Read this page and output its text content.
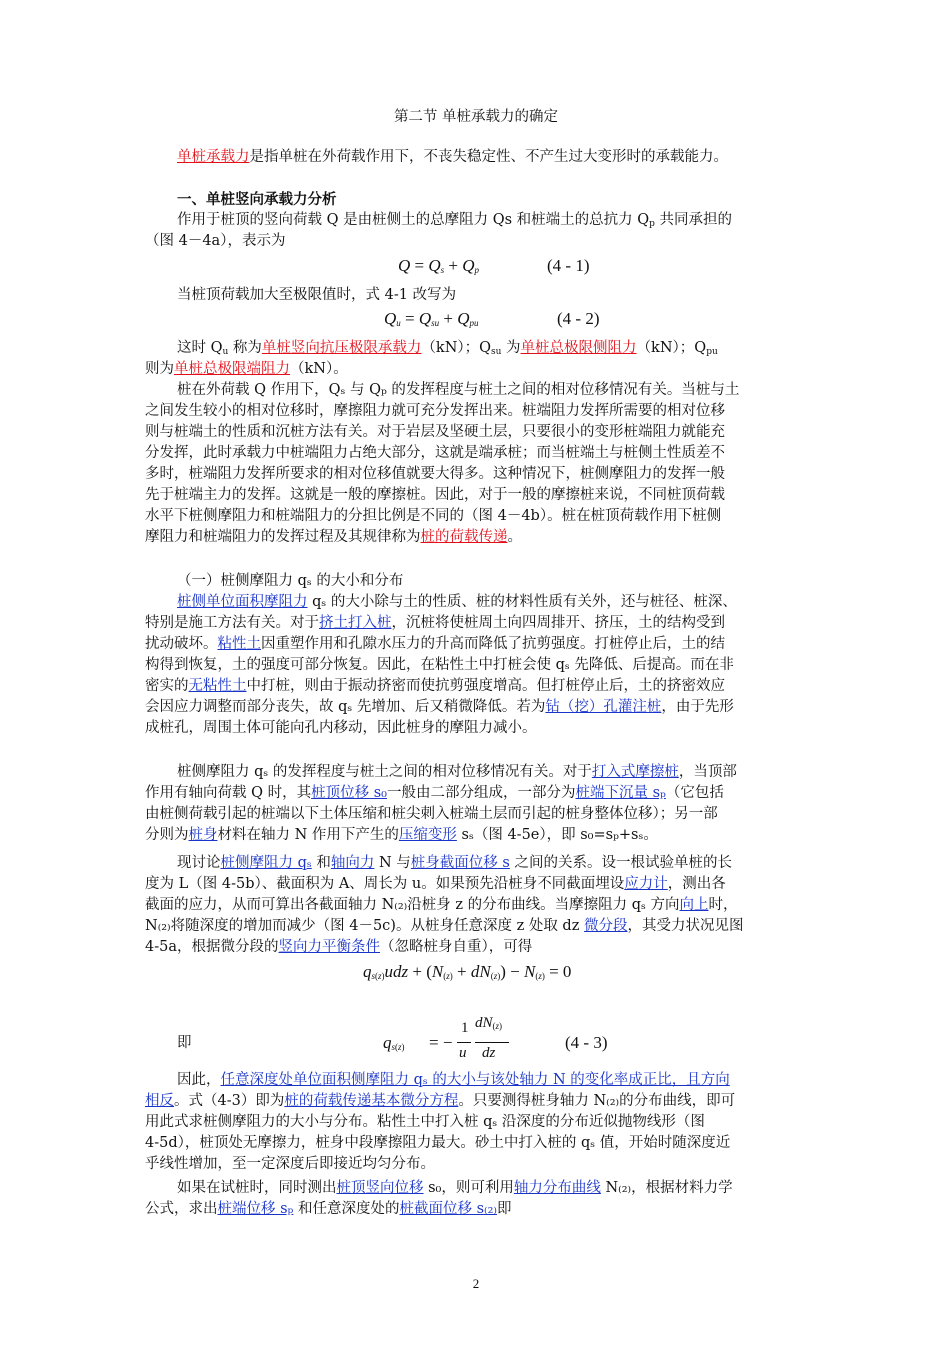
第二节 单桩承载力的确定
单桩承载力是指单桩在外荷载作用下，不丧失稳定性、不产生过大变形时的承载能力。
一、单桩竖向承载力分析
作用于桩顶的竖向荷载 Q 是由桩侧土的总摩阻力 Qs 和桩端土的总抗力 $Q_p$ 共同承担的
（图 4－4a），表示为
$Q = Q_s + Q_p$	(4 - 1)
当桩顶荷载加大至极限值时，式 4-1 改写为
$Q_u = Q_{su} + Q_{pu}$	(4 - 2)
这时 $Q_u$ 称为单桩竖向抗压极限承载力（kN）；$Q_{su}$ 为单桩总极限侧阻力（kN）；$Q_{pu}$
则为单桩总极限端阻力（kN）。
桩在外荷载 Q 作用下，Qₛ 与 Qₚ 的发挥程度与桩土之间的相对位移情况有关。当桩与土
之间发生较小的相对位移时，摩擦阻力就可充分发挥出来。桩端阻力发挥所需要的相对位移
则与桩端土的性质和沉桩方法有关。对于岩层及坚硬土层，只要很小的变形桩端阻力就能充
分发挥，此时承载力中桩端阻力占绝大部分，这就是端承桩；而当桩端土与桩侧土性质差不
多时，桩端阻力发挥所要求的相对位移值就要大得多。这种情况下，桩侧摩阻力的发挥一般
先于桩端主力的发挥。这就是一般的摩擦桩。因此，对于一般的摩擦桩来说，不同桩顶荷载
水平下桩侧摩阻力和桩端阻力的分担比例是不同的（图 4－4b）。桩在桩顶荷载作用下桩侧
摩阻力和桩端阻力的发挥过程及其规律称为桩的荷载传递。
（一）桩侧摩阻力 qₛ 的大小和分布
桩侧单位面积摩阻力 qₛ 的大小除与土的性质、桩的材料性质有关外，还与桩径、桩深、
特别是施工方法有关。对于挤土打入桩，沉桩将使桩周土向四周排开、挤压，土的结构受到
扰动破坏。粘性土因重塑作用和孔隙水压力的升高而降低了抗剪强度。打桩停止后，土的结
构得到恢复，土的强度可部分恢复。因此，在粘性土中打桩会使 qₛ 先降低、后提高。而在非
密实的无粘性土中打桩，则由于振动挤密而使抗剪强度增高。但打桩停止后，土的挤密效应
会因应力调整而部分丧失，故 qₛ 先增加、后又稍微降低。若为钻（挖）孔灌注桩，由于先形
成桩孔，周围土体可能向孔内移动，因此桩身的摩阻力减小。
桩侧摩阻力 qₛ 的发挥程度与桩土之间的相对位移情况有关。对于打入式摩擦桩，当顶部
作用有轴向荷载 Q 时，其桩顶位移 s₀一般由二部分组成，一部分为桩端下沉量 sₚ（它包括
由桩侧荷载引起的桩端以下土体压缩和桩尖刺入桩端土层而引起的桩身整体位移）；另一部
分则为桩身材料在轴力 N 作用下产生的压缩变形 sₛ（图 4-5e），即 s₀=sₚ+sₛ。
现讨论桩侧摩阻力 qₛ 和轴向力 N 与桩身截面位移 s 之间的关系。设一根试验单桩的长
度为 L（图 4-5b）、截面积为 A、周长为 u。如果预先沿桩身不同截面埋设应力计，测出各
截面的应力，从而可算出各截面轴力 N₍₂₎沿桩身 z 的分布曲线。当摩擦阻力 qₛ 方向向上时，
N₍₂₎将随深度的增加而减少（图 4－5c)。从桩身任意深度 z 处取 dz 微分段，其受力状况见图
4-5a，根据微分段的竖向力平衡条件（忽略桩身自重），可得
$q_{s(z)}udz + (N_{(z)} + dN_{(z)}) - N_{(z)} = 0$
即	$q_{s(z)}$ = −
1
u
$dN_{(z)}$
dz
(4 - 3)
因此，任意深度处单位面积侧摩阻力 qₛ 的大小与该处轴力 N 的变化率成正比，且方向
相反。式（4-3）即为桩的荷载传递基本微分方程。只要测得桩身轴力 N₍₂₎的分布曲线，即可
用此式求桩侧摩阻力的大小与分布。粘性土中打入桩 qₛ 沿深度的分布近似抛物线形（图
4-5d），桩顶处无摩擦力，桩身中段摩擦阻力最大。砂土中打入桩的 qₛ 值，开始时随深度近
乎线性增加，至一定深度后即接近均匀分布。
如果在试桩时，同时测出桩顶竖向位移 s₀，则可利用轴力分布曲线 N₍₂₎，根据材料力学
公式，求出桩端位移 sₚ 和任意深度处的桩截面位移 s₍₂₎即
2
